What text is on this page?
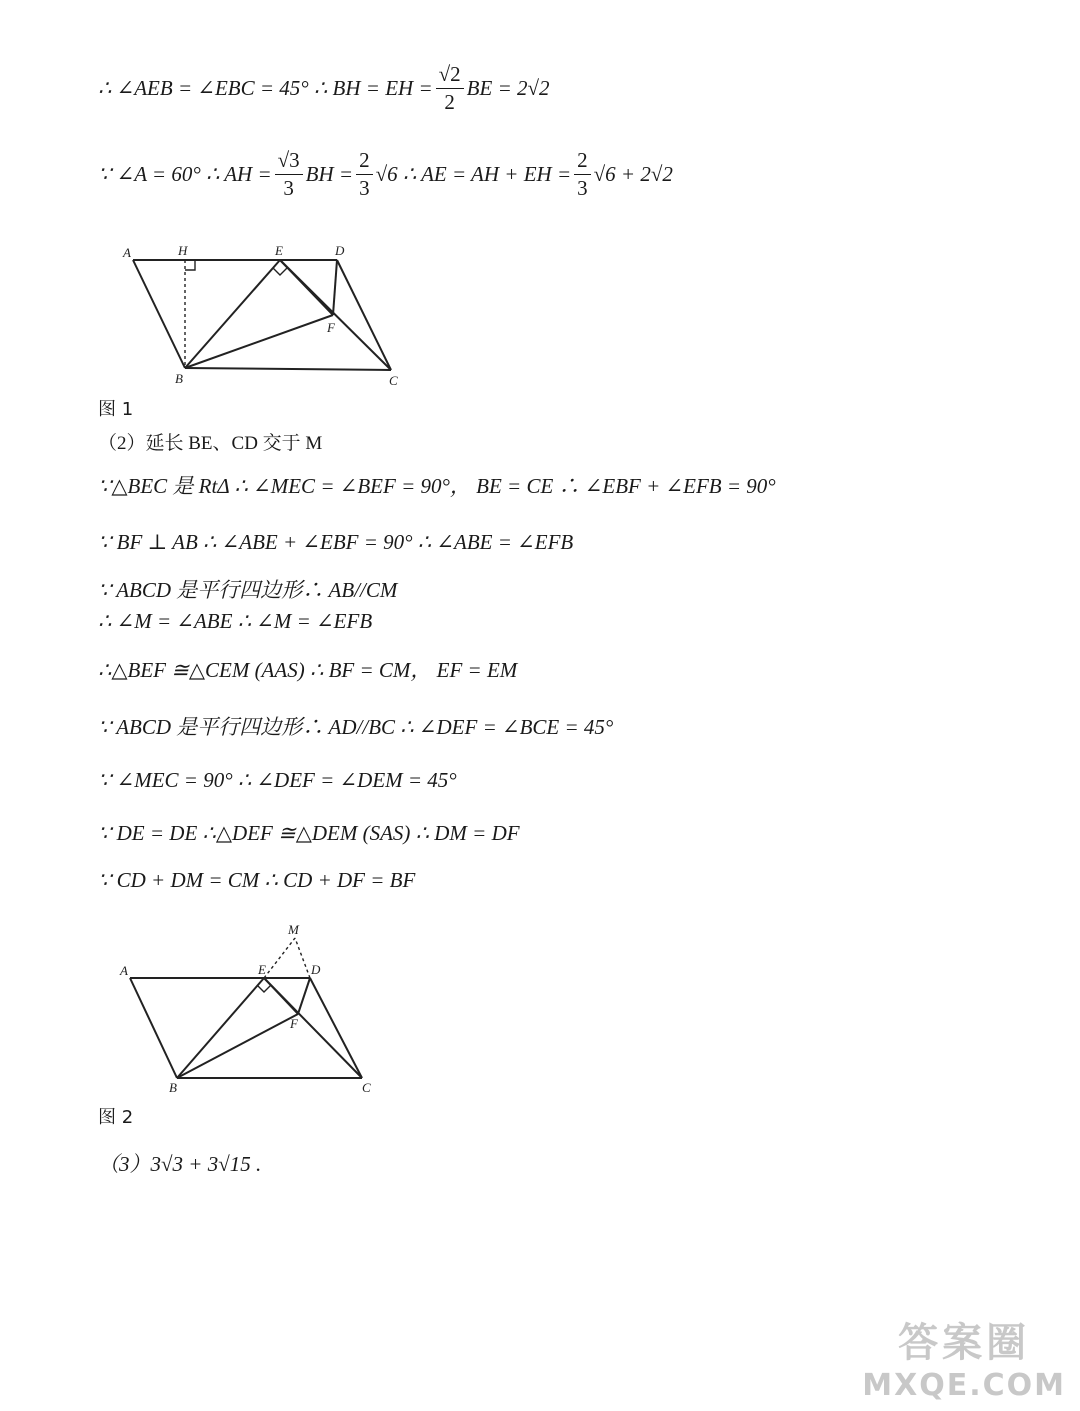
∴ ∠AEB = ∠EBC = 45° ∴ BH = EH = $\frac{√2}{2}$ BE = 2√2
∵ ∠A = 60° ∴ AH = $\frac{√3}{3}$ BH = $\frac{2}{3} √6$ ∴ AE = AH + EH = $\frac{2}{3} √6 + 2√2$
A	H	E	D
F
B	C
图 1
（2）延长 BE、CD 交于 M
∵△BEC 是 RtΔ ∴ ∠MEC = ∠BEF = 90°， BE = CE ∴ ∠EBF + ∠EFB = 90°
∵ BF ⊥ AB ∴ ∠ABE + ∠EBF = 90° ∴ ∠ABE = ∠EFB
∵ ABCD 是平行四边形∴ AB//CM
∴ ∠M = ∠ABE ∴ ∠M = ∠EFB
∴△BEF ≅△CEM (AAS) ∴ BF = CM， EF = EM
∵ ABCD 是平行四边形∴ AD//BC ∴ ∠DEF = ∠BCE = 45°
∵ ∠MEC = 90° ∴ ∠DEF = ∠DEM = 45°
∵ DE = DE ∴△DEF ≅△DEM (SAS) ∴ DM = DF
∵ CD + DM = CM ∴ CD + DF = BF
M
A	E	D
F
B	C
图 2
（3）3√3 + 3√15 .
答案圈
MXQE.COM
